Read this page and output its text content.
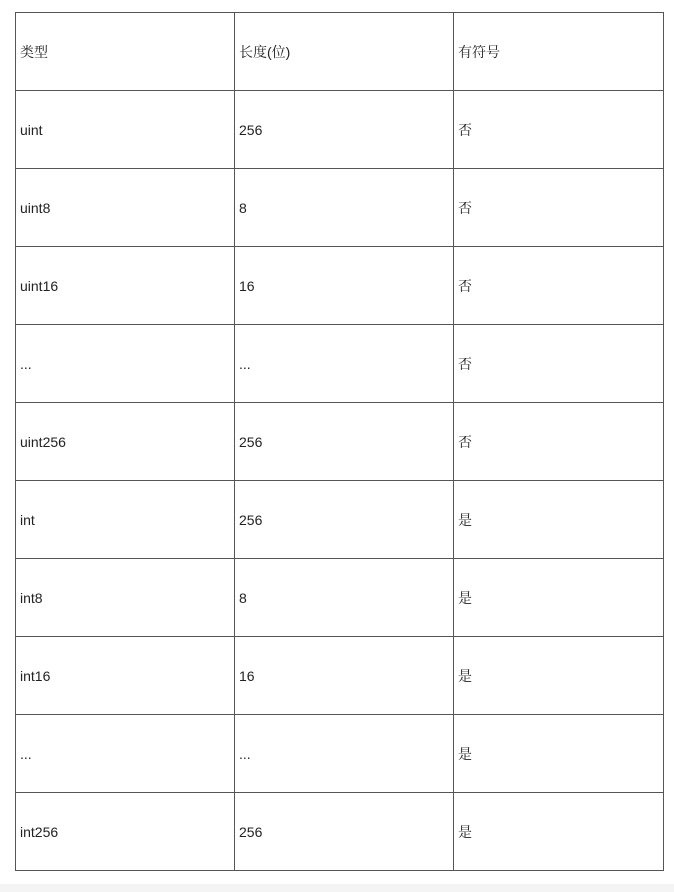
类型	长度(位)	有符号
uint	256	否
uint8	8	否
uint16	16	否
...	...	否
uint256	256	否
int	256	是
int8	8	是
int16	16	是
...	...	是
int256	256	是
